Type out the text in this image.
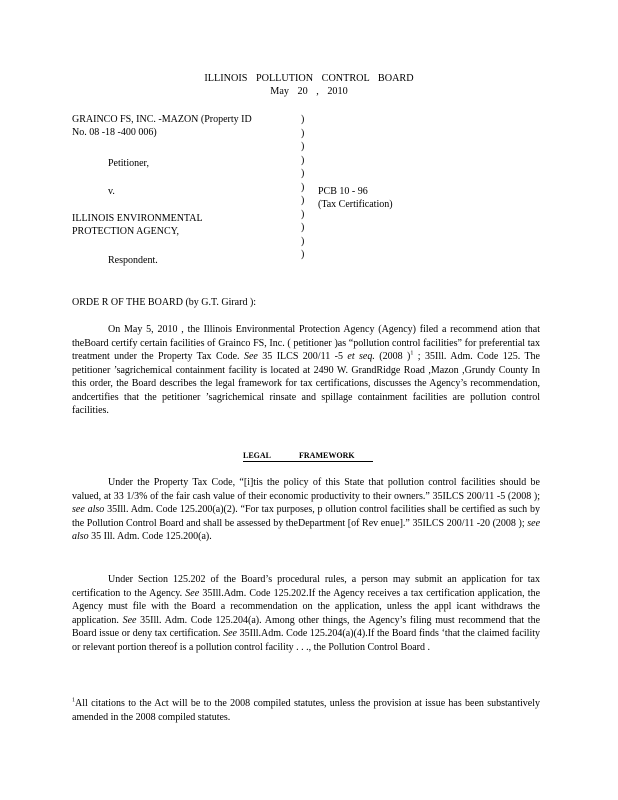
ILLINOIS POLLUTION CONTROL BOARD
May 20 , 2010
GRAINCO FS, INC. -MAZON (Property ID
No. 08 -18 -400 006)
Petitioner,
v.
ILLINOIS ENVIRONMENTAL
PROTECTION AGENCY,
Respondent.
)
)
)
)
)
)
)
)
)
)
)
PCB 10 - 96
(Tax Certification)
ORDE R OF THE BOARD (by G.T. Girard ):

On May 5, 2010 , the Illinois Environmental Protection Agency (Agency) filed a recommend ation that theBoard certify certain facilities of Grainco FS, Inc. ( petitioner )as “pollution control facilities” for preferential tax treatment under the Property Tax Code. See 35 ILCS 200/11 -5 et seq. (2008 )$^1$ ; 35Ill. Adm. Code 125. The petitioner ’sagrichemical containment facility is located at 2490 W. GrandRidge Road ,Mazon ,Grundy County In this order, the Board describes the legal framework for tax certifications, discusses the Agency’s recommendation, andcertifies that the petitioner ’sagrichemical rinsate and spillage containment facilities are pollution control facilities.

LEGAL	FRAMEWORK

Under the Property Tax Code, “[i]tis the policy of this State that pollution control facilities should be valued, at 33 1/3% of the fair cash value of their economic productivity to their owners.” 35ILCS 200/11 -5 (2008 ); see also 35Ill. Adm. Code 125.200(a)(2). “For tax purposes, p ollution control facilities shall be certified as such by the Pollution Control Board and shall be assessed by theDepartment [of Rev enue].” 35ILCS 200/11 -20 (2008 ); see also 35 Ill. Adm. Code 125.200(a).

Under Section 125.202 of the Board’s procedural rules, a person may submit an application for tax certification to the Agency. See 35Ill.Adm. Code 125.202.If the Agency receives a tax certification application, the Agency must file with the Board a recommendation on the application, unless the appl icant withdraws the application. See 35Ill. Adm. Code 125.204(a). Among other things, the Agency’s filing must recommend that the Board issue or deny tax certification. See 35Ill.Adm. Code 125.204(a)(4).If the Board finds ‘that the claimed facility or relevant portion thereof is a pollution control facility . . ., the Pollution Control Board .

$^1$All citations to the Act will be to the 2008 compiled statutes, unless the provision at issue has been substantively amended in the 2008 compiled statutes.
